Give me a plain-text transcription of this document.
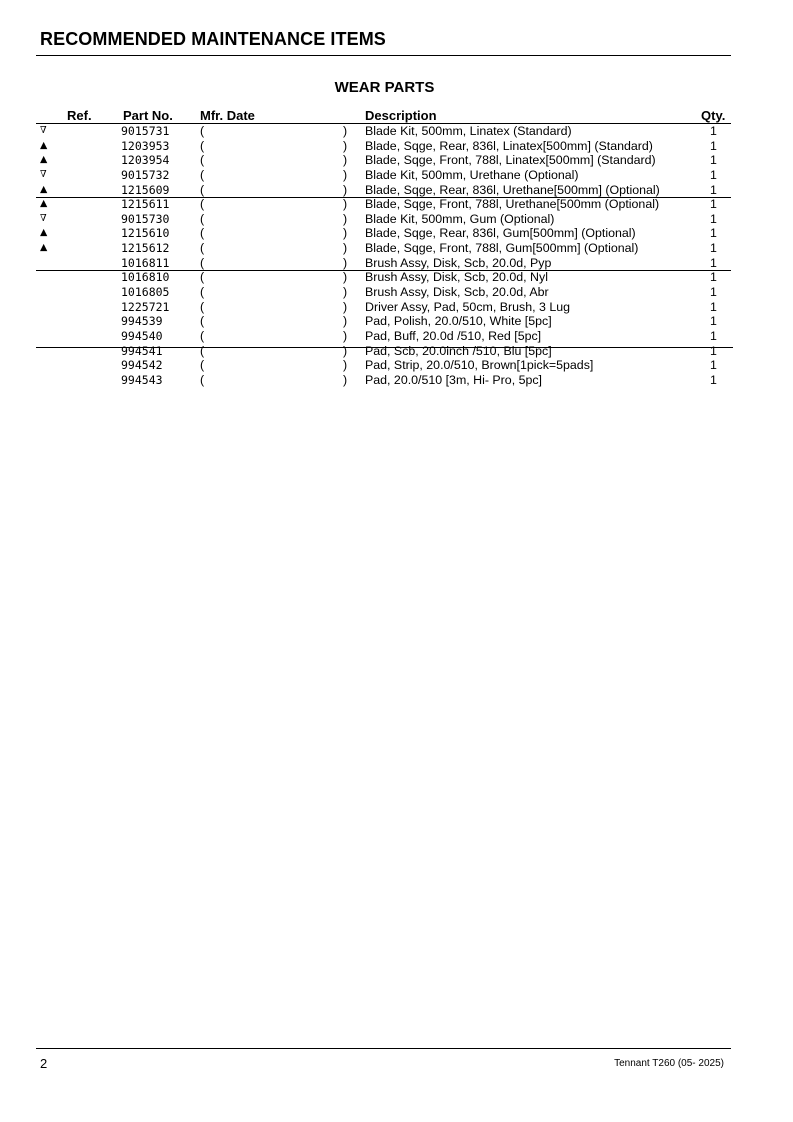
RECOMMENDED MAINTENANCE ITEMS
WEAR PARTS
Ref. Part No. Mfr. Date	Description	Qty.
∇	9015731 (	) Blade Kit, 500mm, Linatex (Standard)	1
▲	1203953 (	) Blade, Sqge, Rear, 836l, Linatex[500mm] (Standard)	1
▲	1203954 (	) Blade, Sqge, Front, 788l, Linatex[500mm] (Standard)	1
∇	9015732 (	) Blade Kit, 500mm, Urethane (Optional)	1
▲	1215609 (	) Blade, Sqge, Rear, 836l, Urethane[500mm] (Optional)	1
▲	1215611 (	) Blade, Sqge, Front, 788l, Urethane[500mm (Optional)	1
∇	9015730 (	) Blade Kit, 500mm, Gum (Optional)	1
▲	1215610 (	) Blade, Sqge, Rear, 836l, Gum[500mm] (Optional)	1
▲	1215612 (	) Blade, Sqge, Front, 788l, Gum[500mm] (Optional)	1
1016811 (	) Brush Assy, Disk, Scb, 20.0d, Pyp	1
1016810 (	) Brush Assy, Disk, Scb, 20.0d, Nyl	1
1016805 (	) Brush Assy, Disk, Scb, 20.0d, Abr	1
1225721 (	) Driver Assy, Pad, 50cm, Brush, 3 Lug	1
994539	(	) Pad, Polish, 20.0/510, White [5pc]	1
994540	(	) Pad, Buff, 20.0d /510, Red [5pc]	1
994541	(	) Pad, Scb, 20.0inch /510, Blu [5pc]	1
994542	(	) Pad, Strip, 20.0/510, Brown[1pick=5pads]	1
994543	(	) Pad, 20.0/510 [3m, Hi- Pro, 5pc]	1
2	Tennant T260 (05- 2025)
